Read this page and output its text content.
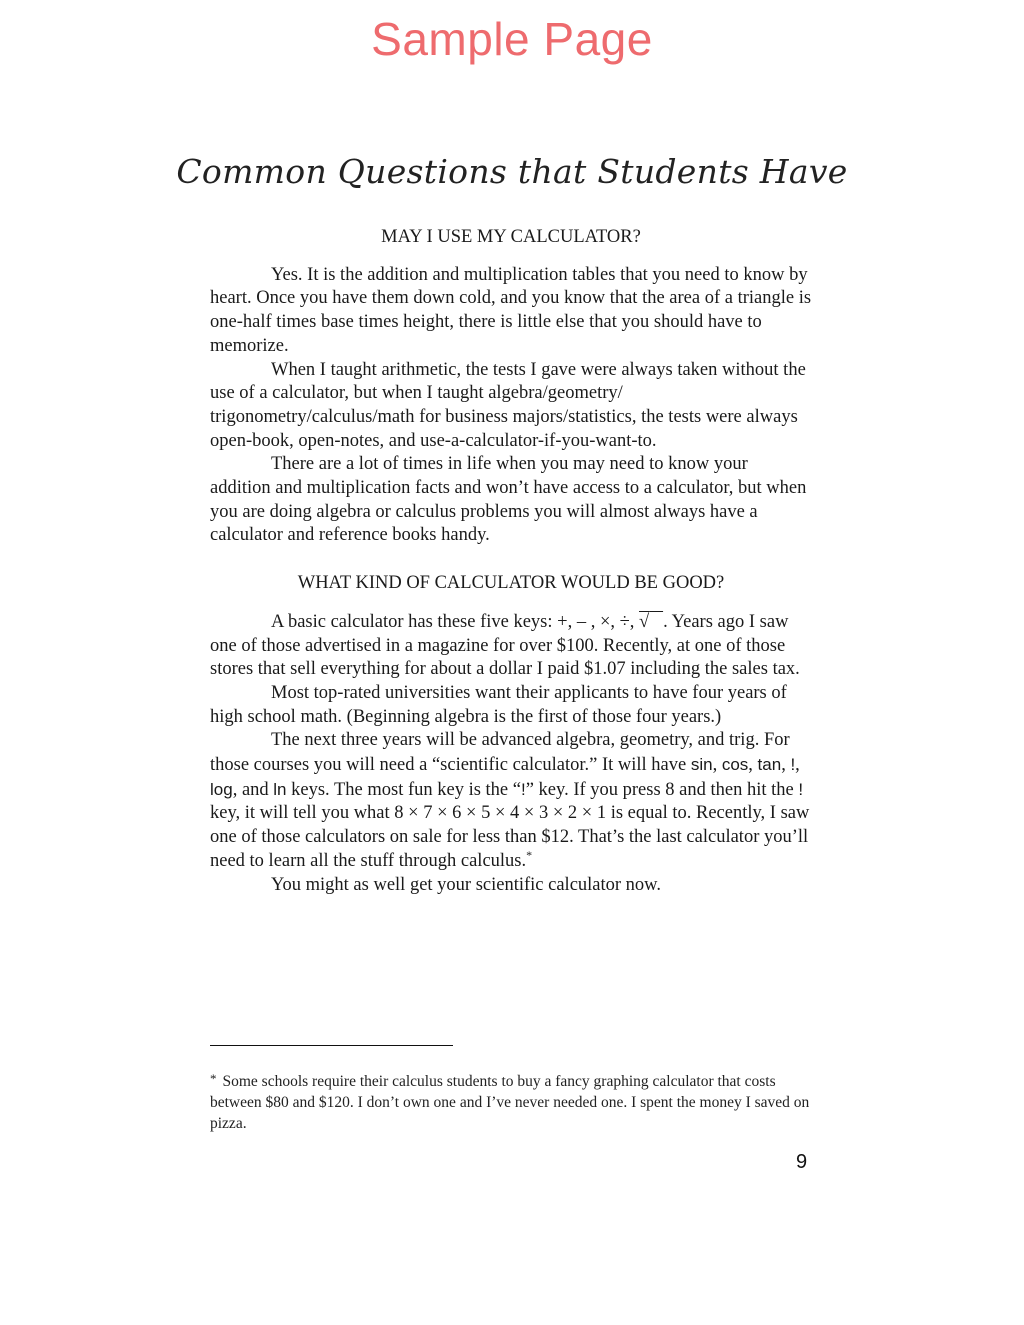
Sample Page
Common Questions that Students Have
MAY I USE MY CALCULATOR?

Yes. It is the addition and multiplication tables that you need to know by heart. Once you have them down cold, and you know that the area of a triangle is one-half times base times height, there is little else that you should have to memorize.

When I taught arithmetic, the tests I gave were always taken without the use of a calculator, but when I taught algebra/geometry/ trigonometry/calculus/math for business majors/statistics, the tests were always open-book, open-notes, and use-a-calculator-if-you-want-to.

There are a lot of times in life when you may need to know your addition and multiplication facts and won’t have access to a calculator, but when you are doing algebra or calculus problems you will almost always have a calculator and reference books handy.

WHAT KIND OF CALCULATOR WOULD BE GOOD?

A basic calculator has these five keys: +, – , ×, ÷, √ . Years ago I saw one of those advertised in a magazine for over $100. Recently, at one of those stores that sell everything for about a dollar I paid $1.07 including the sales tax.

Most top-rated universities want their applicants to have four years of high school math. (Beginning algebra is the first of those four years.)

The next three years will be advanced algebra, geometry, and trig. For those courses you will need a “scientific calculator.” It will have sin, cos, tan, !, log, and ln keys. The most fun key is the “!” key. If you press 8 and then hit the ! key, it will tell you what 8 × 7 × 6 × 5 × 4 × 3 × 2 × 1 is equal to. Recently, I saw one of those calculators on sale for less than $12. That’s the last calculator you’ll need to learn all the stuff through calculus.*

You might as well get your scientific calculator now.

* Some schools require their calculus students to buy a fancy graphing calculator that costs between $80 and $120. I don’t own one and I’ve never needed one. I spent the money I saved on pizza.
9
